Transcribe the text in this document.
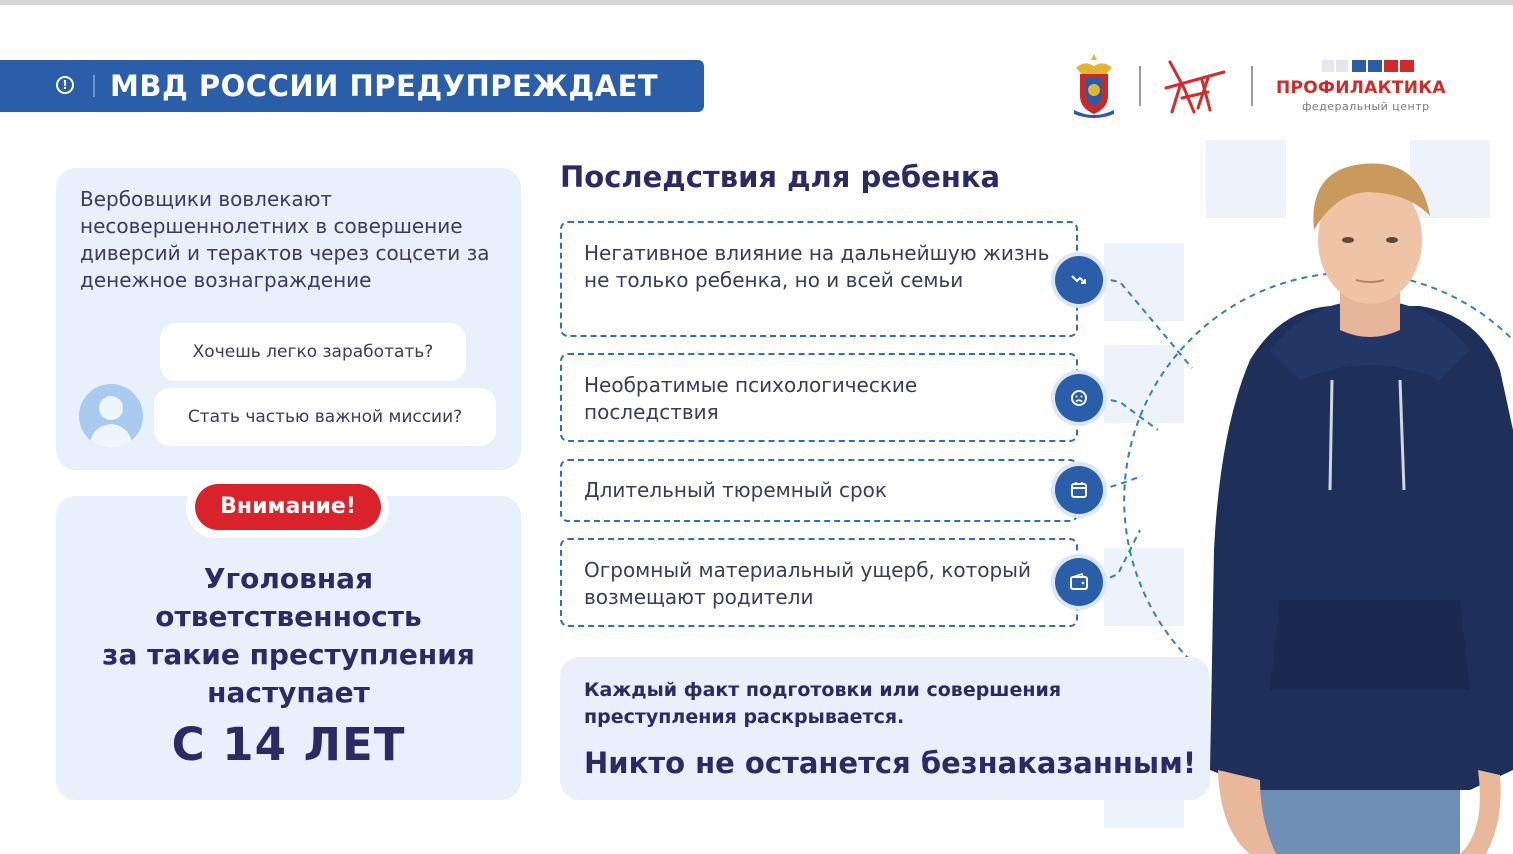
! МВД РОССИИ ПРЕДУПРЕЖДАЕТ	ПРОФИЛАКТИКА
федеральный центр
Вербовщики вовлекают несовершеннолетних в совершение диверсий и терактов через соцсети за денежное вознаграждение
Хочешь легко заработать?
Стать частью важной миссии?
Внимание!
Уголовная
ответственность
за такие преступления
наступает
С 14 ЛЕТ
Последствия для ребенка
Негативное влияние на дальнейшую жизнь не только ребенка, но и всей семьи
Необратимые психологические последствия
Длительный тюремный срок
Огромный материальный ущерб, который возмещают родители
Каждый факт подготовки или совершения преступления раскрывается.
Никто не останется безнаказанным!
